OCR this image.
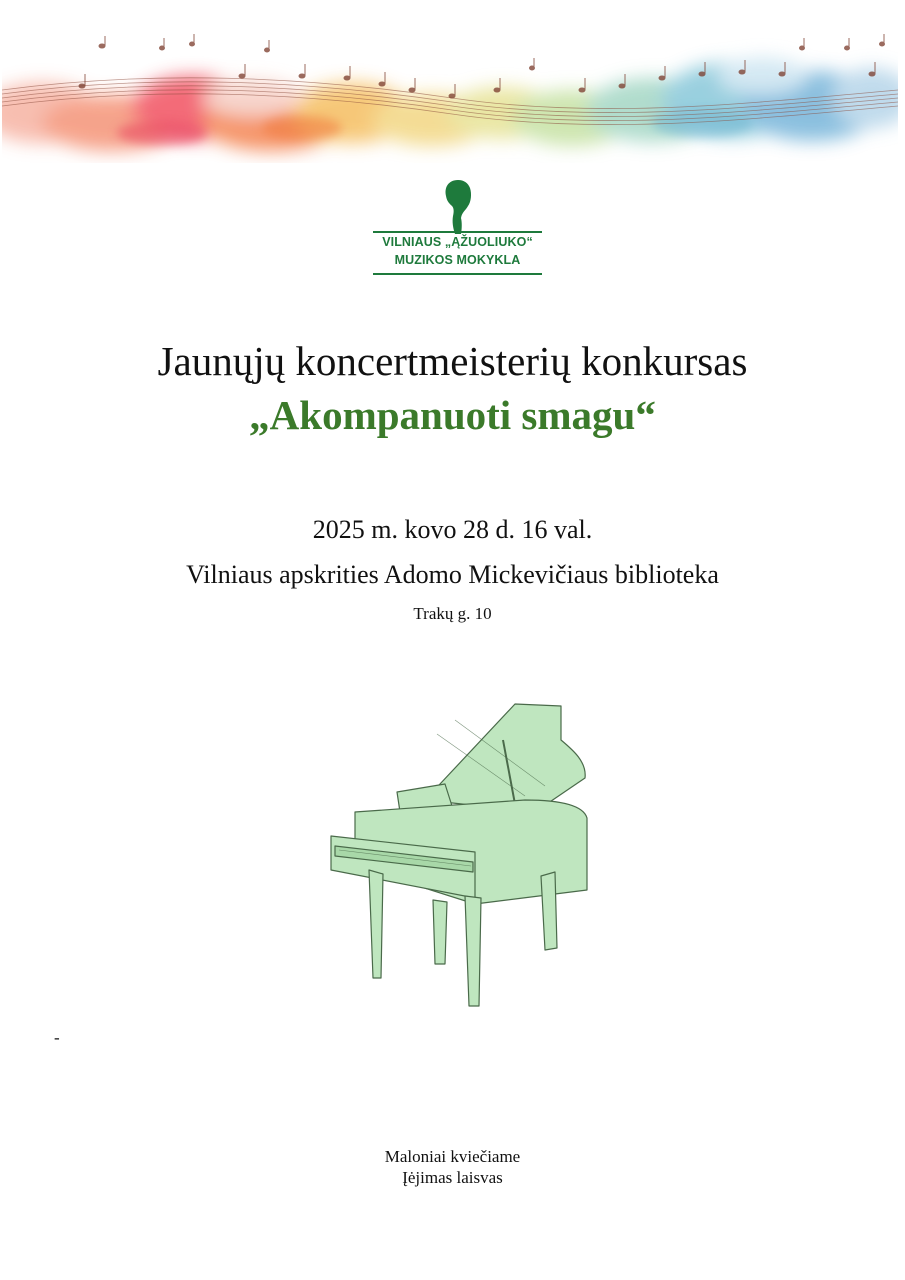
VILNIAUS „ĄŽUOLIUKO“
MUZIKOS MOKYKLA
Jaunųjų koncertmeisterių konkursas
„Akompanuoti smagu“
2025 m. kovo 28 d. 16 val.
Vilniaus apskrities Adomo Mickevičiaus biblioteka
Trakų g. 10
-
Maloniai kviečiame
Įėjimas laisvas
